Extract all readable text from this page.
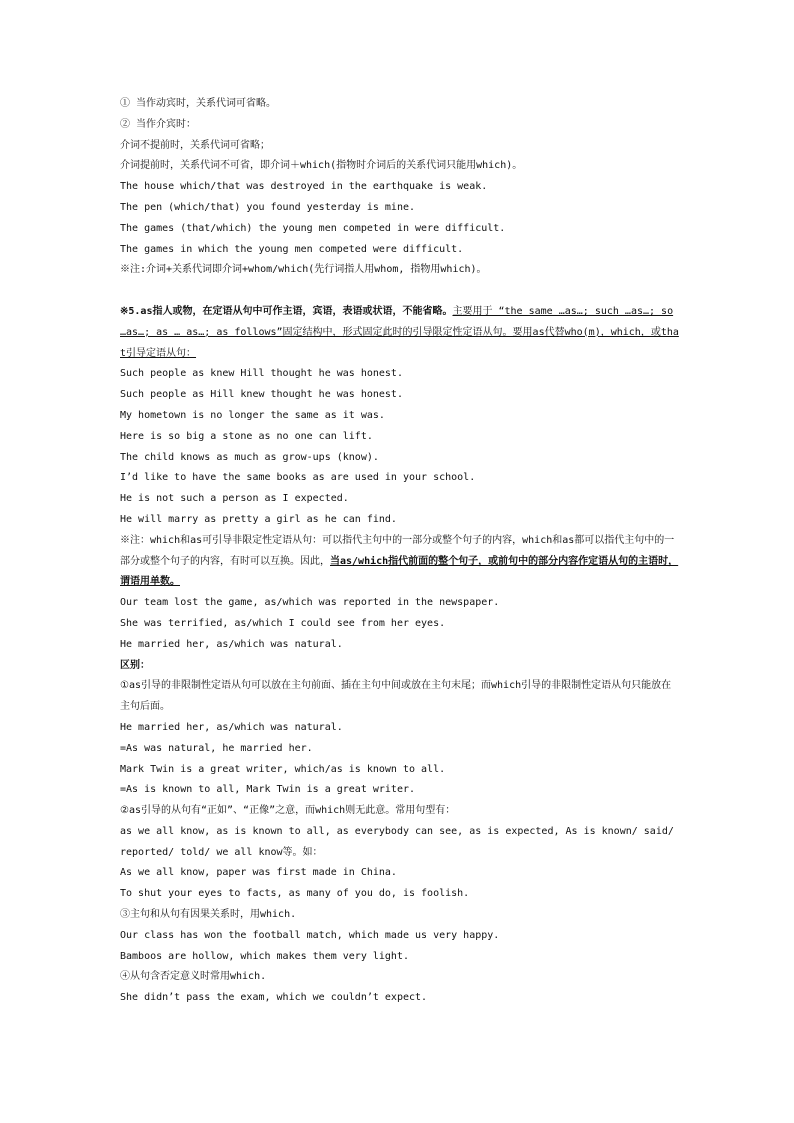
① 当作动宾时，关系代词可省略。
② 当作介宾时：
介词不提前时，关系代词可省略；
介词提前时，关系代词不可省，即介词＋which(指物时介词后的关系代词只能用which)。
The house which/that was destroyed in the earthquake is weak.
The pen (which/that) you found yesterday is mine.
The games (that/which) the young men competed in were difficult.
The games in which the young men competed were difficult.
※注:介词+关系代词即介词+whom/which(先行词指人用whom, 指物用which)。
※5.as指人或物，在定语从句中可作主语，宾语，表语或状语，不能省略。主要用于 “the same …as…; such …as…; so …as…; as … as…; as follows”固定结构中，形式固定此时的引导限定性定语从句。要用as代替who(m)，which，或that引导定语从句：
Such people as knew Hill thought he was honest.
Such people as Hill knew thought he was honest.
My hometown is no longer the same as it was.
Here is so big a stone as no one can lift.
The child knows as much as grow-ups (know).
I’d like to have the same books as are used in your school.
He is not such a person as I expected.
He will marry as pretty a girl as he can find.
※注：which和as可引导非限定性定语从句：可以指代主句中的一部分或整个句子的内容，which和as都可以指代主句中的一部分或整个句子的内容，有时可以互换。因此，当as/which指代前面的整个句子，或前句中的部分内容作定语从句的主语时，谓语用单数。
Our team lost the game, as/which was reported in the newspaper.
She was terrified, as/which I could see from her eyes.
He married her, as/which was natural.
区别：
①as引导的非限制性定语从句可以放在主句前面、插在主句中间或放在主句末尾；而which引导的非限制性定语从句只能放在主句后面。
He married her, as/which was natural.
=As was natural, he married her.
Mark Twin is a great writer, which/as is known to all.
=As is known to all, Mark Twin is a great writer.
②as引导的从句有“正如”、“正像”之意，而which则无此意。常用句型有：
as we all know, as is known to all, as everybody can see, as is expected, As is known/ said/ reported/ told/ we all know等。如：
As we all know, paper was first made in China.
To shut your eyes to facts, as many of you do, is foolish.
③主句和从句有因果关系时，用which.
Our class has won the football match, which made us very happy.
Bamboos are hollow, which makes them very light.
④从句含否定意义时常用which.
She didn’t pass the exam, which we couldn’t expect.
